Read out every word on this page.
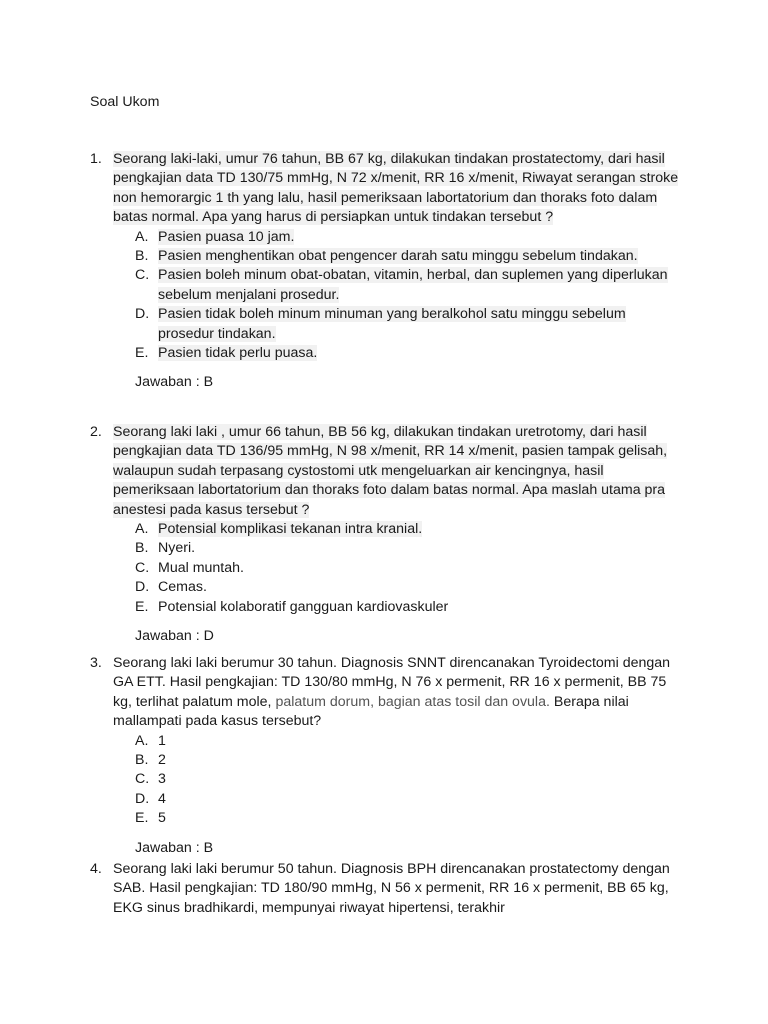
Soal Ukom
1. Seorang laki-laki, umur 76 tahun, BB 67 kg, dilakukan tindakan prostatectomy, dari hasil pengkajian data TD 130/75 mmHg, N 72 x/menit, RR 16 x/menit, Riwayat serangan stroke non hemorargic 1 th yang lalu, hasil pemeriksaan labortatorium dan thoraks foto dalam batas normal. Apa yang harus di persiapkan untuk tindakan tersebut ?
A. Pasien puasa 10 jam.
B. Pasien menghentikan obat pengencer darah satu minggu sebelum tindakan.
C. Pasien boleh minum obat-obatan, vitamin, herbal, dan suplemen yang diperlukan sebelum menjalani prosedur.
D. Pasien tidak boleh minum minuman yang beralkohol satu minggu sebelum prosedur tindakan.
E. Pasien tidak perlu puasa.
Jawaban : B
2. Seorang laki laki , umur 66 tahun, BB 56 kg, dilakukan tindakan uretrotomy, dari hasil pengkajian data TD 136/95 mmHg, N 98 x/menit, RR 14 x/menit, pasien tampak gelisah, walaupun sudah terpasang cystostomi utk mengeluarkan air kencingnya, hasil pemeriksaan labortatorium dan thoraks foto dalam batas normal. Apa maslah utama pra anestesi pada kasus tersebut ?
A. Potensial komplikasi tekanan intra kranial.
B. Nyeri.
C. Mual muntah.
D. Cemas.
E. Potensial kolaboratif gangguan kardiovaskuler
Jawaban : D
3. Seorang laki laki berumur 30 tahun. Diagnosis SNNT direncanakan Tyroidectomi dengan GA ETT. Hasil pengkajian: TD 130/80 mmHg, N 76 x permenit, RR 16 x permenit, BB 75 kg, terlihat palatum mole, palatum dorum, bagian atas tosil dan ovula. Berapa nilai mallampati pada kasus tersebut?
A. 1
B. 2
C. 3
D. 4
E. 5
Jawaban : B
4. Seorang laki laki berumur 50 tahun. Diagnosis BPH direncanakan prostatectomy dengan SAB. Hasil pengkajian: TD 180/90 mmHg, N 56 x permenit, RR 16 x permenit, BB 65 kg, EKG sinus bradhikardi, mempunyai riwayat hipertensi, terakhir
